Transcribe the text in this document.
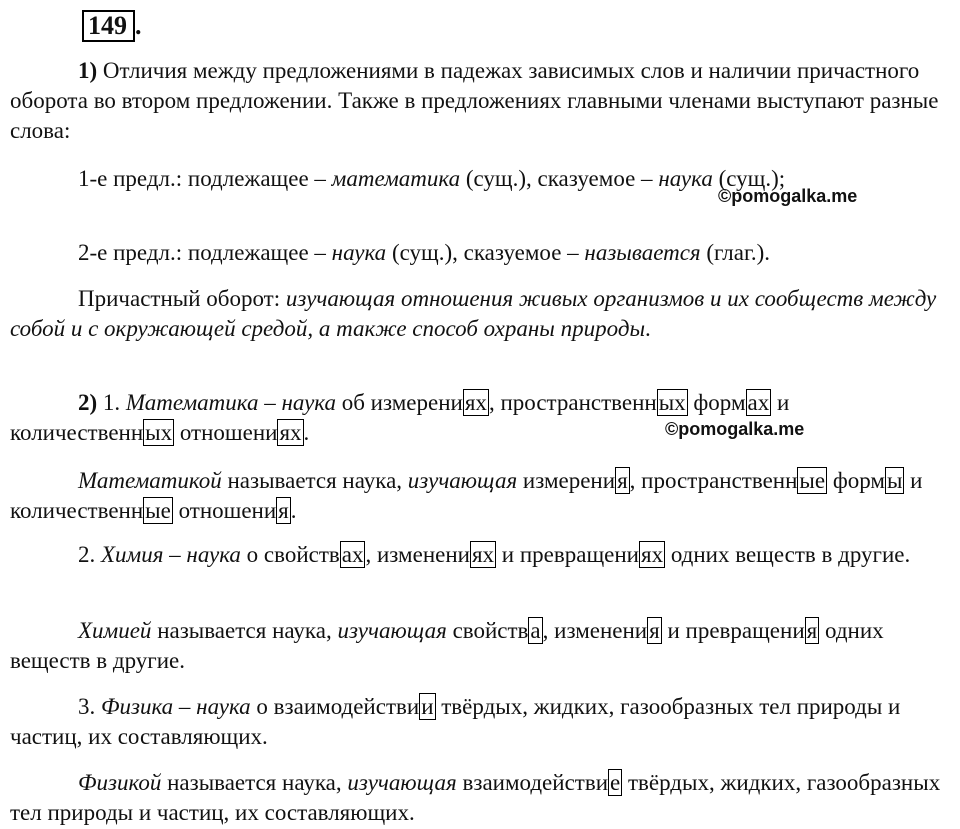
149 .
1) Отличия между предложениями в падежах зависимых слов и наличии причастного оборота во втором предложении. Также в предложениях главными членами выступают разные слова:
1-е предл.: подлежащее – математика (сущ.), сказуемое – наука (сущ.);
©pomogalka.me
2-е предл.: подлежащее – наука (сущ.), сказуемое – называется (глаг.).
Причастный оборот: изучающая отношения живых организмов и их сообществ между собой и с окружающей средой, а также способ охраны природы.
2) 1. Математика – наука об измерениях, пространственных формах и количественных отношениях.	©pomogalka.me
Математикой называется наука, изучающая измерения, пространственные формы и количественные отношения.
2. Химия – наука о свойствах, изменениях и превращениях одних веществ в другие.
Химией называется наука, изучающая свойства, изменения и превращения одних веществ в другие.
3. Физика – наука о взаимодействии твёрдых, жидких, газообразных тел природы и частиц, их составляющих.
Физикой называется наука, изучающая взаимодействие твёрдых, жидких, газообразных тел природы и частиц, их составляющих.
